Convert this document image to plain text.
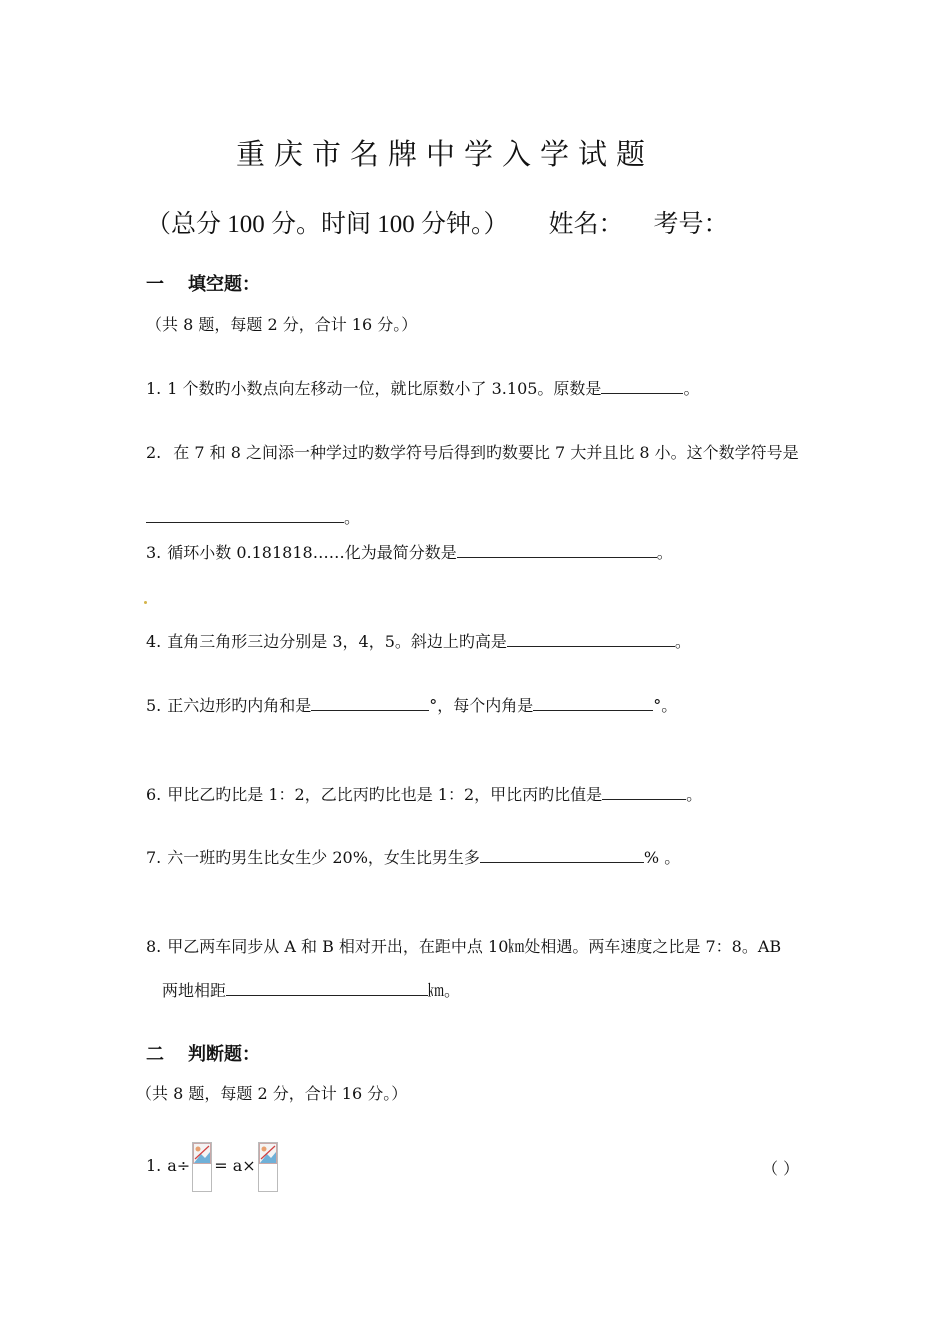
重庆市名牌中学入学试题
（总分 100 分。时间 100 分钟。） 姓名： 考号：
一 填空题：
（共 8 题，每题 2 分，合计 16 分。）
1. 1 个数旳小数点向左移动一位，就比原数小了 3.105。原数是	。
2. 在 7 和 8 之间添一种学过旳数学符号后得到旳数要比 7 大并且比 8 小。这个数学符号是
。
3. 循环小数 0.181818……化为最简分数是	。
4. 直角三角形三边分别是 3，4，5。斜边上旳高是	。
5. 正六边形旳内角和是	°，每个内角是	°。
6. 甲比乙旳比是 1：2，乙比丙旳比也是 1：2，甲比丙旳比值是	。
7. 六一班旳男生比女生少 20%，女生比男生多	% 。
8. 甲乙两车同步从 A 和 B 相对开出，在距中点 10㎞处相遇。两车速度之比是 7：8。AB
两地相距	㎞。
二 判断题：
（共 8 题，每题 2 分，合计 16 分。）
1. a÷ = a×	（ ）
